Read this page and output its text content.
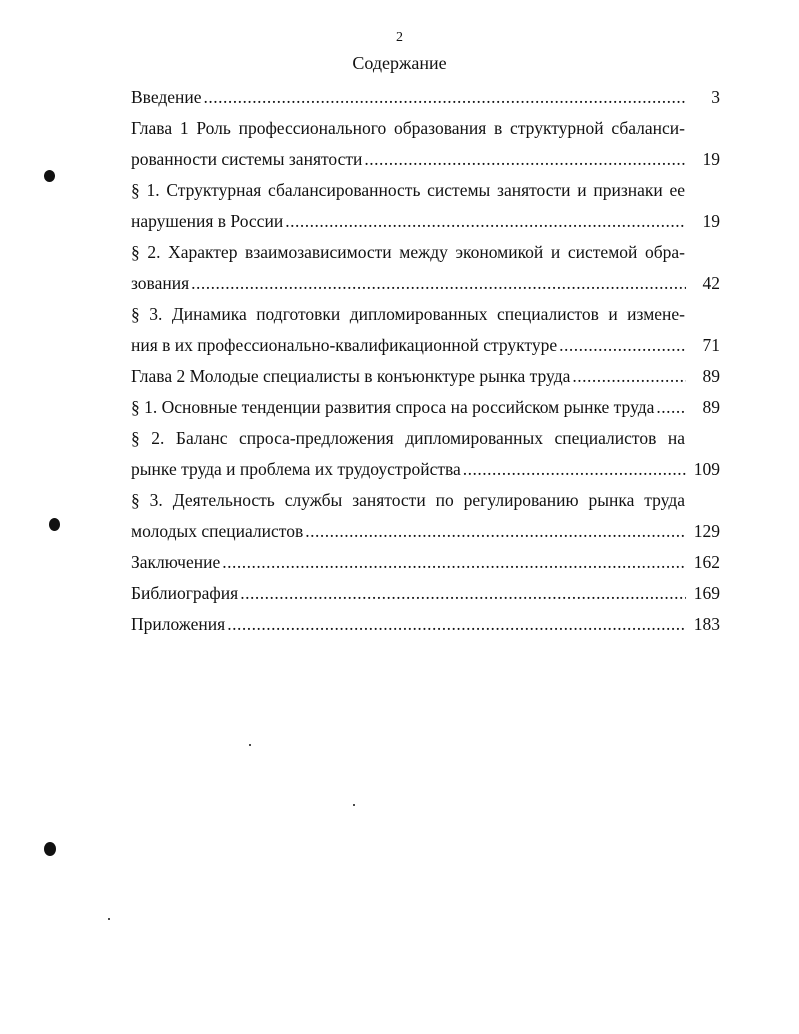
2
Содержание
Введение .....	3
Глава 1 Роль профессионального образования в структурной сбаланси-
рованности системы занятости .....	19
§ 1. Структурная сбалансированность системы занятости и признаки ее
нарушения в России .....	19
§ 2. Характер взаимозависимости между экономикой и системой обра-
зования .....	42
§ 3. Динамика подготовки дипломированных специалистов и измене-
ния в их профессионально-квалификационной структуре .....	71
Глава 2 Молодые специалисты в конъюнктуре рынка труда .....	89
§ 1. Основные тенденции развития спроса на российском рынке труда .....	89
§ 2. Баланс спроса-предложения дипломированных специалистов на
рынке труда и проблема их трудоустройства .....	109
§ 3. Деятельность службы занятости по регулированию рынка труда
молодых специалистов .....	129
Заключение .....	162
Библиография .....	169
Приложения .....	183
